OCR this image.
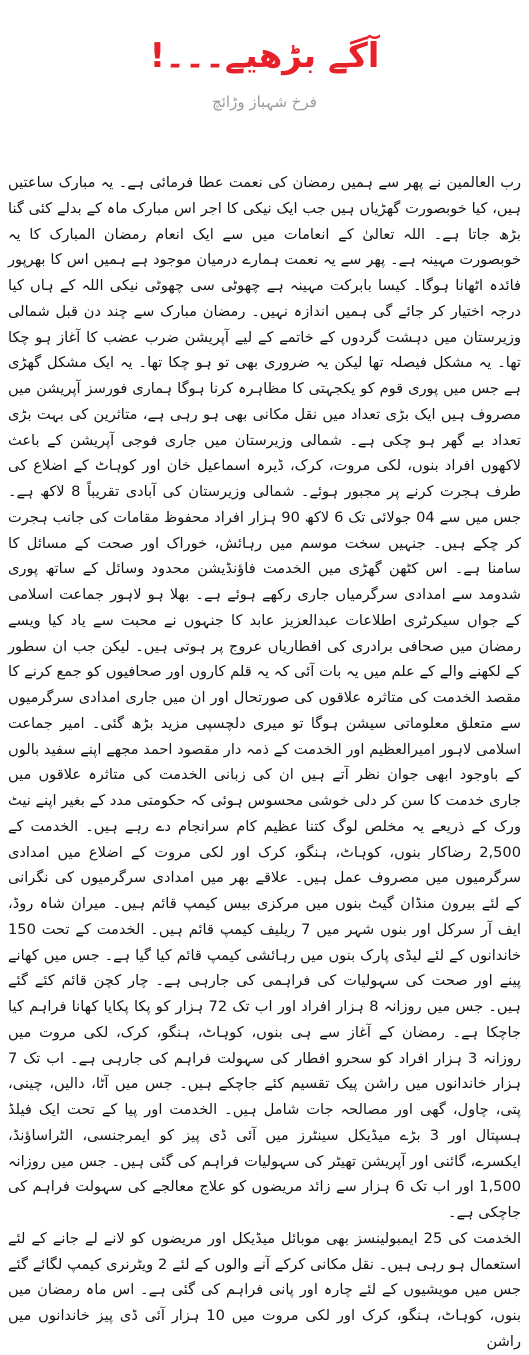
آگے بڑھیے۔۔۔!
فرخ شہباز وڑائچ

رب العالمین نے پھر سے ہمیں رمضان کی نعمت عطا فرمائی ہے۔ یہ مبارک ساعتیں ہیں، کیا خوبصورت گھڑیاں ہیں جب ایک نیکی کا اجر اس مبارک ماہ کے بدلے کئی گنا بڑھ جاتا ہے۔ اللہ تعالیٰ کے انعامات میں سے ایک انعام رمضان المبارک کا یہ خوبصورت مہینہ ہے۔ پھر سے یہ نعمت ہمارے درمیان موجود ہے ہمیں اس کا بھرپور فائدہ اٹھانا ہوگا۔ کیسا بابرکت مہینہ ہے چھوٹی سی چھوٹی نیکی اللہ کے ہاں کیا درجہ اختیار کر جائے گی ہمیں اندازہ نہیں۔ رمضان مبارک سے چند دن قبل شمالی وزیرستان میں دہشت گردوں کے خاتمے کے لیے آپریشن ضرب عضب کا آغاز ہو چکا تھا۔ یہ مشکل فیصلہ تھا لیکن یہ ضروری بھی تو ہو چکا تھا۔ یہ ایک مشکل گھڑی ہے جس میں پوری قوم کو یکجہتی کا مظاہرہ کرنا ہوگا ہماری فورسز آپریشن میں مصروف ہیں ایک بڑی تعداد میں نقل مکانی بھی ہو رہی ہے، متاثرین کی بہت بڑی تعداد بے گھر ہو چکی ہے۔ شمالی وزیرستان میں جاری فوجی آپریشن کے باعث لاکھوں افراد بنوں، لکی مروت، کرک، ڈیرہ اسماعیل خان اور کوہاٹ کے اضلاع کی طرف ہجرت کرنے پر مجبور ہوئے۔ شمالی وزیرستان کی آبادی تقریباً 8 لاکھ ہے۔ جس میں سے 04 جولائی تک 6 لاکھ 90 ہزار افراد محفوظ مقامات کی جانب ہجرت کر چکے ہیں۔ جنہیں سخت موسم میں رہائش، خوراک اور صحت کے مسائل کا سامنا ہے۔ اس کٹھن گھڑی میں الخدمت فاؤنڈیشن محدود وسائل کے ساتھ پوری شدومد سے امدادی سرگرمیاں جاری رکھے ہوئے ہے۔ بھلا ہو لاہور جماعت اسلامی کے جواں سیکرٹری اطلاعات عبدالعزیز عابد کا جنہوں نے محبت سے یاد کیا ویسے رمضان میں صحافی برادری کی افطاریاں عروج پر ہوتی ہیں۔ لیکن جب ان سطور کے لکھنے والے کے علم میں یہ بات آئی کہ یہ قلم کاروں اور صحافیوں کو جمع کرنے کا مقصد الخدمت کی متاثرہ علاقوں کی صورتحال اور ان میں جاری امدادی سرگرمیوں سے متعلق معلوماتی سیشن ہوگا تو میری دلچسپی مزید بڑھ گئی۔ امیر جماعت اسلامی لاہور امیرالعظیم اور الخدمت کے ذمہ دار مقصود احمد مجھے اپنے سفید بالوں کے باوجود ابھی جوان نظر آتے ہیں ان کی زبانی الخدمت کی متاثرہ علاقوں میں جاری خدمت کا سن کر دلی خوشی محسوس ہوئی کہ حکومتی مدد کے بغیر اپنے نیٹ ورک کے ذریعے یہ مخلص لوگ کتنا عظیم کام سرانجام دے رہے ہیں۔ الخدمت کے 2,500 رضاکار بنوں، کوہاٹ، ہنگو، کرک اور لکی مروت کے اضلاع میں امدادی سرگرمیوں میں مصروف عمل ہیں۔ علاقے بھر میں امدادی سرگرمیوں کی نگرانی کے لئے بیرون منڈان گیٹ بنوں میں مرکزی بیس کیمپ قائم ہیں۔ میران شاہ روڈ، ایف آر سرکل اور بنوں شہر میں 7 ریلیف کیمپ قائم ہیں۔ الخدمت کے تحت 150 خاندانوں کے لئے لیڈی پارک بنوں میں رہائشی کیمپ قائم کیا گیا ہے۔ جس میں کھانے پینے اور صحت کی سہولیات کی فراہمی کی جارہی ہے۔ چار کچن قائم کئے گئے ہیں۔ جس میں روزانہ 8 ہزار افراد اور اب تک 72 ہزار کو پکا پکایا کھانا فراہم کیا جاچکا ہے۔ رمضان کے آغاز سے ہی بنوں، کوہاٹ، ہنگو، کرک، لکی مروت میں روزانہ 3 ہزار افراد کو سحرو افطار کی سہولت فراہم کی جارہی ہے۔ اب تک 7 ہزار خاندانوں میں راشن پیک تقسیم کئے جاچکے ہیں۔ جس میں آٹا، دالیں، چینی، پتی، چاول، گھی اور مصالحہ جات شامل ہیں۔ الخدمت اور پیا کے تحت ایک فیلڈ ہسپتال اور 3 بڑے میڈیکل سینٹرز میں آئی ڈی پیز کو ایمرجنسی، الٹراساؤنڈ، ایکسرے، گائنی اور آپریشن تھیٹر کی سہولیات فراہم کی گئی ہیں۔ جس میں روزانہ 1,500 اور اب تک 6 ہزار سے زائد مریضوں کو علاج معالجے کی سہولت فراہم کی جاچکی ہے۔

الخدمت کی 25 ایمبولینسز بھی موبائل میڈیکل اور مریضوں کو لانے لے جانے کے لئے استعمال ہو رہی ہیں۔ نقل مکانی کرکے آنے والوں کے لئے 2 ویٹرنری کیمپ لگائے گئے جس میں مویشیوں کے لئے چارہ اور پانی فراہم کی گئی ہے۔ اس ماہ رمضان میں بنوں، کوہاٹ، ہنگو، کرک اور لکی مروت میں 10 ہزار آئی ڈی پیز خاندانوں میں راشن
